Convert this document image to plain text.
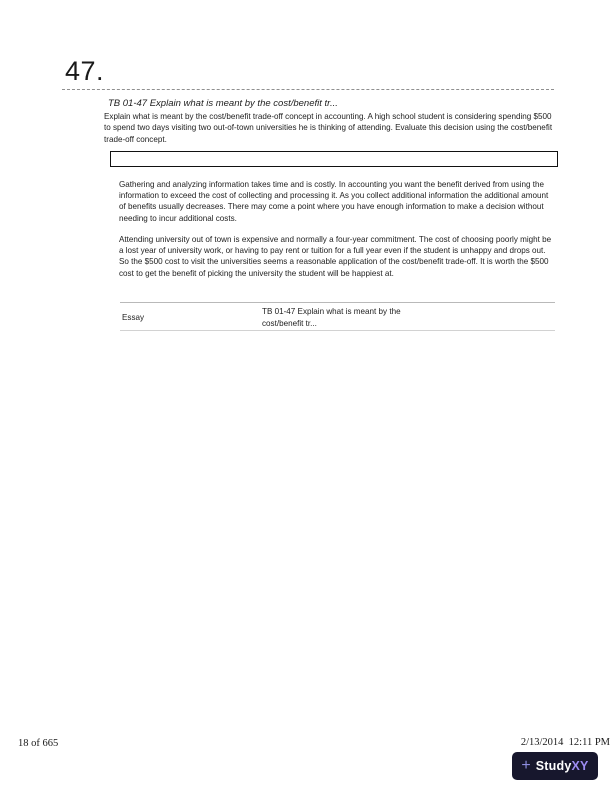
47.
TB 01-47 Explain what is meant by the cost/benefit tr...
Explain what is meant by the cost/benefit trade-off concept in accounting. A high school student is considering spending $500 to spend two days visiting two out-of-town universities he is thinking of attending. Evaluate this decision using the cost/benefit trade-off concept.
Gathering and analyzing information takes time and is costly. In accounting you want the benefit derived from using the information to exceed the cost of collecting and processing it. As you collect additional information the additional amount of benefits usually decreases. There may come a point where you have enough information to make a decision without needing to incur additional costs.
Attending university out of town is expensive and normally a four-year commitment. The cost of choosing poorly might be a lost year of university work, or having to pay rent or tuition for a full year even if the student is unhappy and drops out. So the $500 cost to visit the universities seems a reasonable application of the cost/benefit trade-off. It is worth the $500 cost to get the benefit of picking the university the student will be happiest at.
Essay
TB 01-47 Explain what is meant by the cost/benefit tr...
18 of 665	2/13/2014  12:11 PM
+ StudyXY
